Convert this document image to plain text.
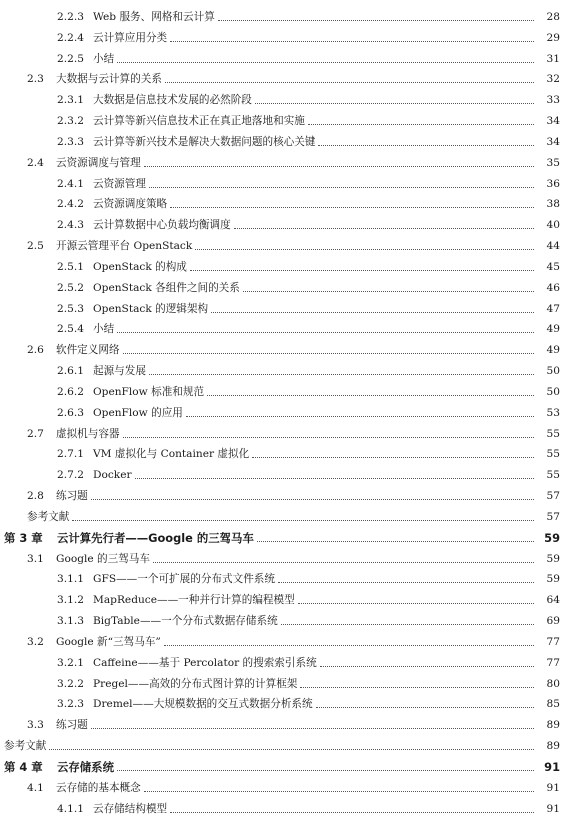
2.2.3 Web 服务、网格和云计算	28
2.2.4 云计算应用分类	29
2.2.5 小结	31
2.3	大数据与云计算的关系	32
2.3.1 大数据是信息技术发展的必然阶段	33
2.3.2 云计算等新兴信息技术正在真正地落地和实施	34
2.3.3 云计算等新兴技术是解决大数据问题的核心关键	34
2.4	云资源调度与管理	35
2.4.1 云资源管理	36
2.4.2 云资源调度策略	38
2.4.3 云计算数据中心负载均衡调度	40
2.5	开源云管理平台 OpenStack	44
2.5.1 OpenStack 的构成	45
2.5.2 OpenStack 各组件之间的关系	46
2.5.3 OpenStack 的逻辑架构	47
2.5.4 小结	49
2.6	软件定义网络	49
2.6.1 起源与发展	50
2.6.2 OpenFlow 标准和规范	50
2.6.3 OpenFlow 的应用	53
2.7	虚拟机与容器	55
2.7.1 VM 虚拟化与 Container 虚拟化	55
2.7.2 Docker	55
2.8	练习题	57
参考文献	57
第 3 章	云计算先行者——Google 的三驾马车	59
3.1	Google 的三驾马车	59
3.1.1 GFS——一个可扩展的分布式文件系统	59
3.1.2 MapReduce——一种并行计算的编程模型	64
3.1.3 BigTable——一个分布式数据存储系统	69
3.2	Google 新“三驾马车”	77
3.2.1 Caffeine——基于 Percolator 的搜索索引系统	77
3.2.2 Pregel——高效的分布式图计算的计算框架	80
3.2.3 Dremel——大规模数据的交互式数据分析系统	85
3.3	练习题	89
参考文献	89
第 4 章	云存储系统	91
4.1	云存储的基本概念	91
4.1.1 云存储结构模型	91
